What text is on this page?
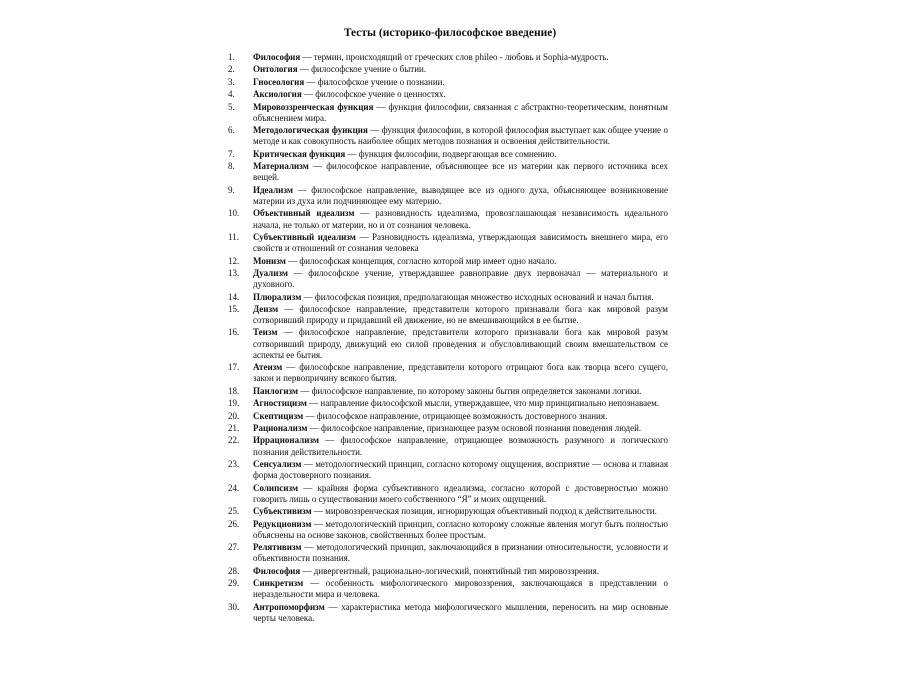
Тесты (историко-философское введение)
1.	Философия — термин, происходящий от греческих слов phileo - любовь и Sophia-мудрость.
2.	Онтология — философское учение о бытии.
3.	Гносеология — философское учение о познании.
4.	Аксиология — философское учение о ценностях.
5.	Мировоззренческая функция — функция философии, связанная с абстрактно-теоретическим, понятным объяснением мира.
6.	Методологическая функция — функция философии, в которой философия выступает как общее учение о методе и как совокупность наиболее общих методов познания и освоения действительности.
7.	Критическая функция — функция философии, подвергающая все сомнению.
8.	Материализм — философское направление, объясняющее все из материи как первого источника всех вещей.
9.	Идеализм — философское направление, выводящее все из одного духа, объясняющее возникновение материи из духа или подчиняющее ему материю.
10.	Объективный идеализм — разновидность идеализма, провозглашающая независимость идеального начала, не только от материи, но и от сознания человека.
11.	Субъективный идеализм — Разновидность идеализма, утверждающая зависимость внешнего мира, его свойств и отношений от сознания человека
12.	Монизм — философская концепция, согласно которой мир имеет одно начало.
13.	Дуализм — философское учение, утверждавшее равноправие двух первоначал — материального и духовного.
14.	Плюрализм — философская позиция, предполагающая множество исходных оснований и начал бытия.
15.	Деизм — философское направление, представители которого признавали бога как мировой разум сотворивший природу и придавший ей движение, но не вмешивающийся в ее бытие.
16.	Теизм — философское направление, представители которого признавали бога как мировой разум сотворивший природу, движущий ею силой проведения и обусловливающий своим вмешательством се аспекты ее бытия.
17.	Атеизм — философское направление, представители которого отрицают бога как творца всего сущего, закон и первопричину всякого бытия.
18.	Панлогизм — философское направление, по которому законы бытия определяется законами логики.
19.	Агностицизм — направление философской мысли, утверждавшее, что мир принципиально непознаваем.
20.	Скептицизм — философское направление, отрицающее возможность достоверного знания.
21.	Рационализм — философское направление, признающее разум основой познания поведения людей.
22.	Иррационализм — философское направление, отрицающее возможность разумного и логического познания действительности.
23.	Сенсуализм — методологический принцип, согласно которому ощущения, восприятие — основа и главная форма достоверного познания.
24.	Солипсизм — крайняя форма субъективного идеализма, согласно которой с достоверностью можно говорить лишь о существовании моего собственного “Я” и моих ощущений.
25.	Субъективизм — мировоззренческая позиция, игнорирующая объективный подход к действительности.
26.	Редукционизм — методологический принцип, согласно которому сложные явления могут быть полностью объяснены на основе законов, свойственных более простым.
27.	Релятивизм — методологический принцип, заключающийся в признании относительности, условности и объективности познания.
28.	Философия — дивергентный, рационально-логический, понятийный тип мировоззрения.
29.	Синкретизм — особенность мифологического мировоззрения, заключающаяся в представлении о нераздельности мира и человека.
30.	Антропоморфизм — характеристика метода мифологического мышления, переносить на мир основные черты человека.
